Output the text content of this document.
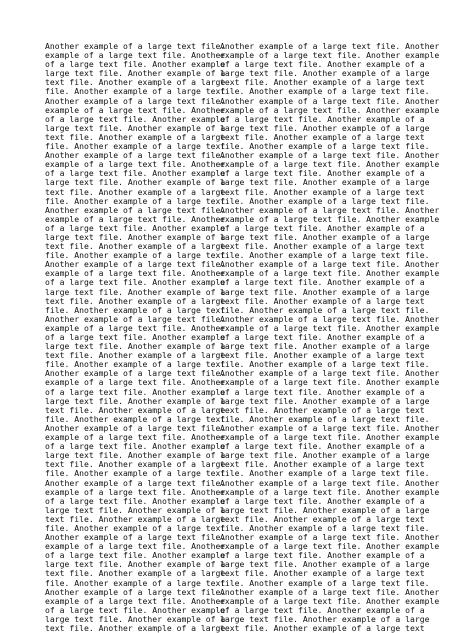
Another example of a large text file.
example of a large text file. Another
of a large text file. Another example
large text file. Another example of a
text file. Another example of a large
file. Another example of a large text
Another example of a large text file.
example of a large text file. Another
of a large text file. Another example
large text file. Another example of a
text file. Another example of a large
file. Another example of a large text
Another example of a large text file.
example of a large text file. Another
of a large text file. Another example
large text file. Another example of a
text file. Another example of a large
file. Another example of a large text
Another example of a large text file.
example of a large text file. Another
of a large text file. Another example
large text file. Another example of a
text file. Another example of a large
file. Another example of a large text
Another example of a large text file.
example of a large text file. Another
of a large text file. Another example
large text file. Another example of a
text file. Another example of a large
file. Another example of a large text
Another example of a large text file.
example of a large text file. Another
of a large text file. Another example
large text file. Another example of a
text file. Another example of a large
file. Another example of a large text
Another example of a large text file.
example of a large text file. Another
of a large text file. Another example
large text file. Another example of a
text file. Another example of a large
file. Another example of a large text
Another example of a large text file.
example of a large text file. Another
of a large text file. Another example
large text file. Another example of a
text file. Another example of a large
file. Another example of a large text
Another example of a large text file.
example of a large text file. Another
of a large text file. Another example
large text file. Another example of a
text file. Another example of a large
file. Another example of a large text
Another example of a large text file.
example of a large text file. Another
of a large text file. Another example
large text file. Another example of a
text file. Another example of a large
file. Another example of a large text
Another example of a large text file.
example of a large text file. Another
of a large text file. Another example
large text file. Another example of a
text file. Another example of a large
Another example of a large text file. Another
example of a large text file. Another example
of a large text file. Another example of a
large text file. Another example of a large
text file. Another example of a large text
file. Another example of a large text file.
Another example of a large text file. Another
example of a large text file. Another example
of a large text file. Another example of a
large text file. Another example of a large
text file. Another example of a large text
file. Another example of a large text file.
Another example of a large text file. Another
example of a large text file. Another example
of a large text file. Another example of a
large text file. Another example of a large
text file. Another example of a large text
file. Another example of a large text file.
Another example of a large text file. Another
example of a large text file. Another example
of a large text file. Another example of a
large text file. Another example of a large
text file. Another example of a large text
file. Another example of a large text file.
Another example of a large text file. Another
example of a large text file. Another example
of a large text file. Another example of a
large text file. Another example of a large
text file. Another example of a large text
file. Another example of a large text file.
Another example of a large text file. Another
example of a large text file. Another example
of a large text file. Another example of a
large text file. Another example of a large
text file. Another example of a large text
file. Another example of a large text file.
Another example of a large text file. Another
example of a large text file. Another example
of a large text file. Another example of a
large text file. Another example of a large
text file. Another example of a large text
file. Another example of a large text file.
Another example of a large text file. Another
example of a large text file. Another example
of a large text file. Another example of a
large text file. Another example of a large
text file. Another example of a large text
file. Another example of a large text file.
Another example of a large text file. Another
example of a large text file. Another example
of a large text file. Another example of a
large text file. Another example of a large
text file. Another example of a large text
file. Another example of a large text file.
Another example of a large text file. Another
example of a large text file. Another example
of a large text file. Another example of a
large text file. Another example of a large
text file. Another example of a large text
file. Another example of a large text file.
Another example of a large text file. Another
example of a large text file. Another example
of a large text file. Another example of a
large text file. Another example of a large
text file. Another example of a large text
